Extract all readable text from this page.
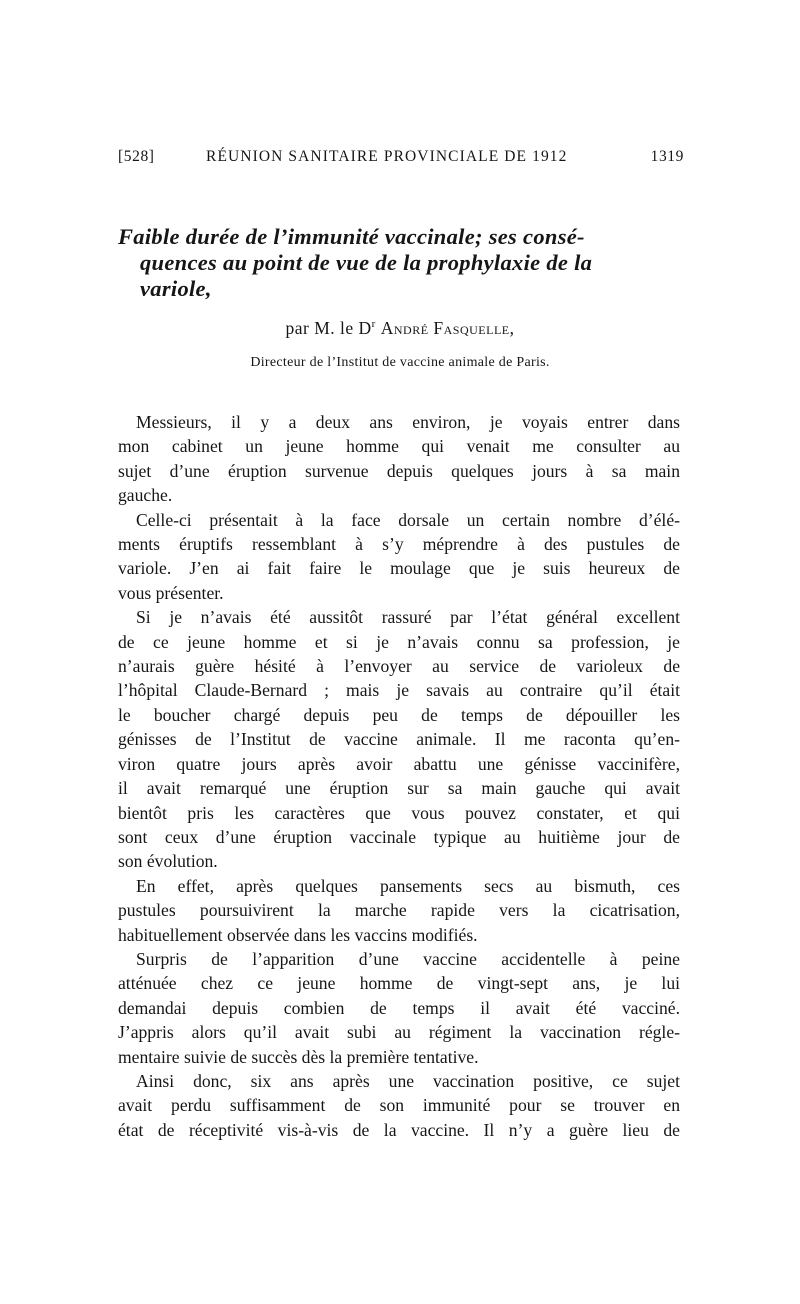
[528]	RÉUNION SANITAIRE PROVINCIALE DE 1912	1319
Faible durée de l’immunité vaccinale; ses consé-
quences au point de vue de la prophylaxie de la
variole,
par M. le $D^r$ André Fasquelle,
Directeur de l’Institut de vaccine animale de Paris.
Messieurs, il y a deux ans environ, je voyais entrer dans
mon cabinet un jeune homme qui venait me consulter au
sujet d’une éruption survenue depuis quelques jours à sa main
gauche.
Celle-ci présentait à la face dorsale un certain nombre d’élé-
ments éruptifs ressemblant à s’y méprendre à des pustules de
variole. J’en ai fait faire le moulage que je suis heureux de
vous présenter.
Si je n’avais été aussitôt rassuré par l’état général excellent
de ce jeune homme et si je n’avais connu sa profession, je
n’aurais guère hésité à l’envoyer au service de varioleux de
l’hôpital Claude-Bernard ; mais je savais au contraire qu’il était
le boucher chargé depuis peu de temps de dépouiller les
génisses de l’Institut de vaccine animale. Il me raconta qu’en-
viron quatre jours après avoir abattu une génisse vaccinifère,
il avait remarqué une éruption sur sa main gauche qui avait
bientôt pris les caractères que vous pouvez constater, et qui
sont ceux d’une éruption vaccinale typique au huitième jour de
son évolution.
En effet, après quelques pansements secs au bismuth, ces
pustules poursuivirent la marche rapide vers la cicatrisation,
habituellement observée dans les vaccins modifiés.
Surpris de l’apparition d’une vaccine accidentelle à peine
atténuée chez ce jeune homme de vingt-sept ans, je lui
demandai depuis combien de temps il avait été vacciné.
J’appris alors qu’il avait subi au régiment la vaccination régle-
mentaire suivie de succès dès la première tentative.
Ainsi donc, six ans après une vaccination positive, ce sujet
avait perdu suffisamment de son immunité pour se trouver en
état de réceptivité vis-à-vis de la vaccine. Il n’y a guère lieu de
